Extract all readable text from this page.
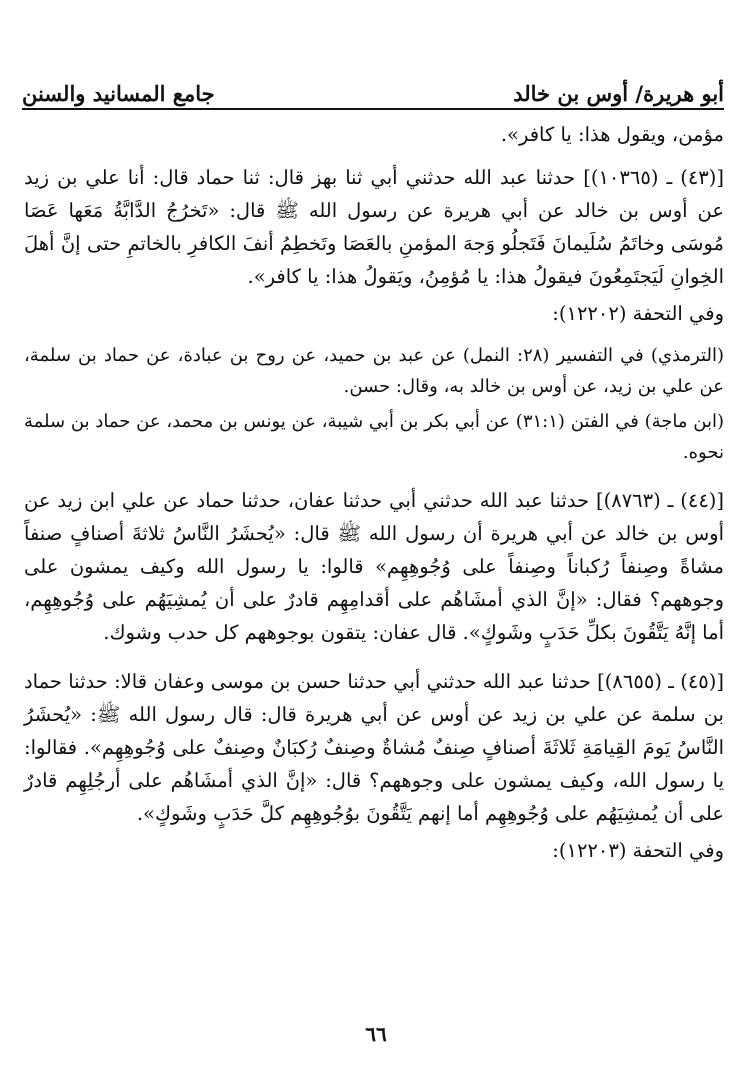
أبو هريرة/ أوس بن خالد
جامع المسانيد والسنن

مؤمن، ويقول هذا: يا كافر».

[(٤٣) ـ (١٠٣٦٥)] حدثنا عبد الله حدثني أبي ثنا بهز قال: ثنا حماد قال: أنا علي بن زيد عن أوس بن خالد عن أبي هريرة عن رسول الله ﷺ قال: «تَخرُجُ الدَّابَّةُ مَعَها عَصَا مُوسَى وخاتَمُ سُلَيمانَ فَتَجلُو وَجهَ المؤمنِ بالعَصَا وتَخطِمُ أنفَ الكافرِ بالخاتمِ حتى إنَّ أهلَ الخِوانِ لَيَجتَمِعُونَ فيقولُ هذا: يا مُؤمِنُ، ويَقولُ هذا: يا كافر».

وفي التحفة (١٢٢٠٢):

(الترمذي) في التفسير (٢٨: النمل) عن عبد بن حميد، عن روح بن عبادة، عن حماد بن سلمة، عن علي بن زيد، عن أوس بن خالد به، وقال: حسن.

(ابن ماجة) في الفتن (٣١:١) عن أبي بكر بن أبي شيبة، عن يونس بن محمد، عن حماد بن سلمة نحوه.

[(٤٤) ـ (٨٧٦٣)] حدثنا عبد الله حدثني أبي حدثنا عفان، حدثنا حماد عن علي ابن زيد عن أوس بن خالد عن أبي هريرة أن رسول الله ﷺ قال: «يُحشَرُ النَّاسُ ثلاثةَ أصنافٍ صنفاً مشاةً وصِنفاً رُكباناً وصِنفاً على وُجُوهِهِم» قالوا: يا رسول الله وكيف يمشون على وجوههم؟ فقال: «إنَّ الذي أمشَاهُم على أقدامِهِم قادرٌ على أن يُمشِيَهُم على وُجُوهِهِم، أما إنَّهُ يَتَّقُونَ بكلِّ حَدَبٍ وشَوكٍ». قال عفان: يتقون بوجوههم كل حدب وشوك.

[(٤٥) ـ (٨٦٥٥)] حدثنا عبد الله حدثني أبي حدثنا حسن بن موسى وعفان قالا: حدثنا حماد بن سلمة عن علي بن زيد عن أوس عن أبي هريرة قال: قال رسول الله ﷺ: «يُحشَرُ النَّاسُ يَومَ القِيامَةِ ثَلاثَةَ أصنافٍ صِنفٌ مُشاةٌ وصِنفٌ رُكبَانٌ وصِنفٌ على وُجُوهِهِم». فقالوا: يا رسول الله، وكيف يمشون على وجوههم؟ قال: «إنَّ الذي أمشَاهُم على أرجُلِهِم قادرٌ على أن يُمشِيَهُم على وُجُوهِهِم أما إنهم يَتَّقُونَ بوُجُوهِهِم كلَّ حَدَبٍ وشَوكٍ».

وفي التحفة (١٢٢٠٣):

٦٦
